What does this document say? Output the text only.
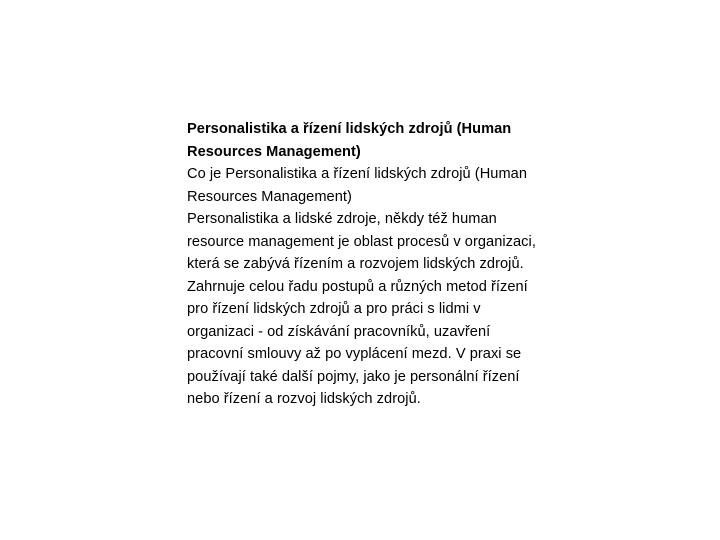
Personalistika a řízení lidských zdrojů (Human Resources Management)

Co je Personalistika a řízení lidských zdrojů (Human Resources Management)

Personalistika a lidské zdroje, někdy též human resource management je oblast procesů v organizaci, která se zabývá řízením a rozvojem lidských zdrojů. Zahrnuje celou řadu postupů a různých metod řízení pro řízení lidských zdrojů a pro práci s lidmi v organizaci - od získávání pracovníků, uzavření pracovní smlouvy až po vyplácení mezd. V praxi se používají také další pojmy, jako je personální řízení nebo řízení a rozvoj lidských zdrojů.
